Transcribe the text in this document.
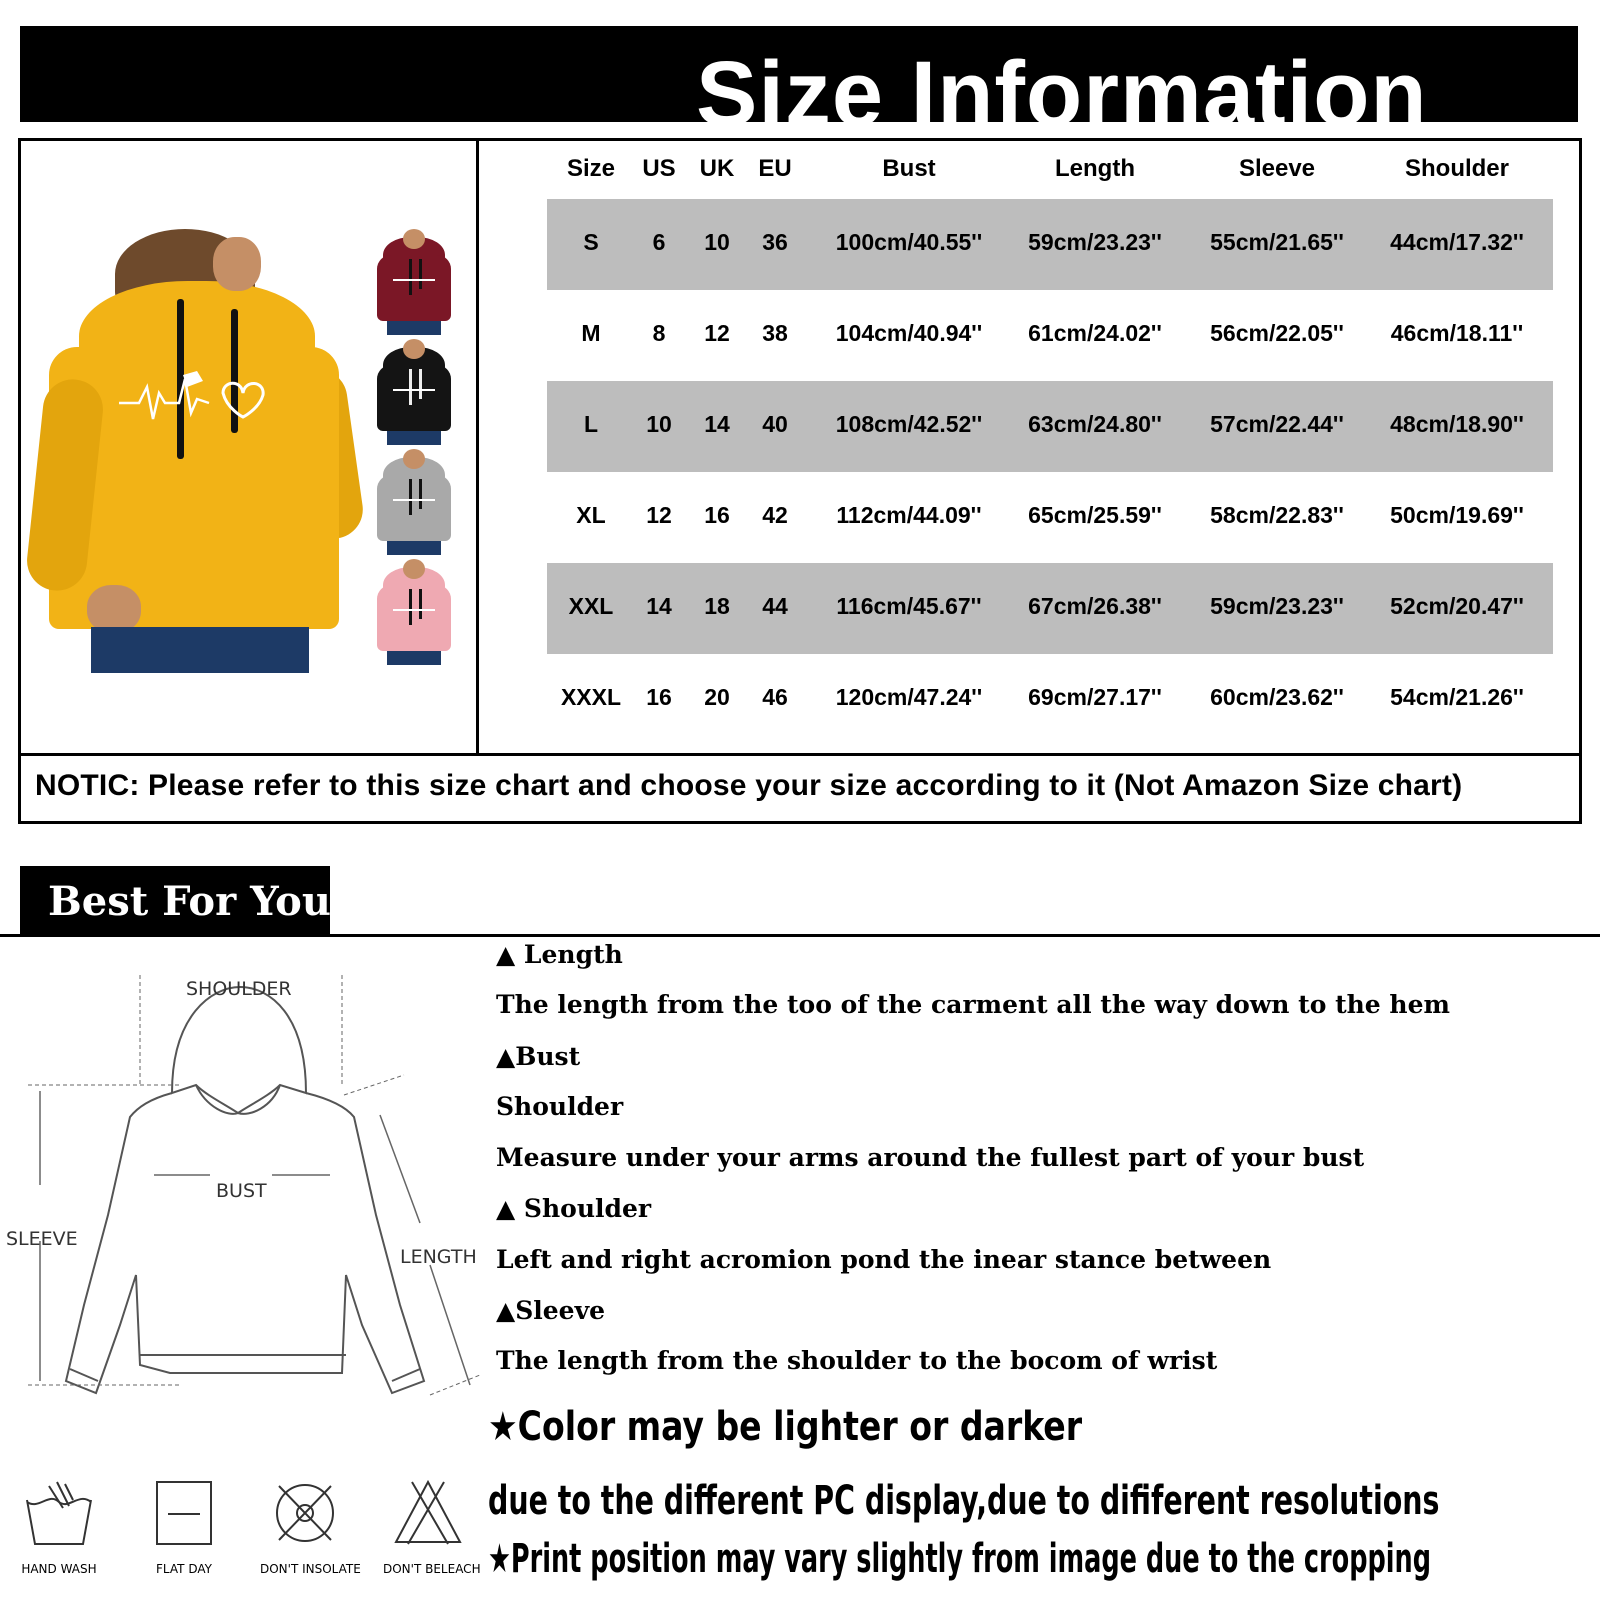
Size Information
Size	US UK	EU	Bust	Length	Sleeve	Shoulder
S	6	10	36	100cm/40.55''	59cm/23.23''	55cm/21.65''	44cm/17.32''
M	8	12	38	104cm/40.94''	61cm/24.02''	56cm/22.05''	46cm/18.11''
L	10	14	40	108cm/42.52''	63cm/24.80''	57cm/22.44''	48cm/18.90''
XL	12	16	42	112cm/44.09''	65cm/25.59''	58cm/22.83''	50cm/19.69''
XXL	14	18	44	116cm/45.67''	67cm/26.38''	59cm/23.23''	52cm/20.47''
XXXL	16	20	46	120cm/47.24''	69cm/27.17''	60cm/23.62''	54cm/21.26''
NOTIC: Please refer to this size chart and choose your size according to it (Not Amazon Size chart)
Best For You
SHOULDER
BUST
SLEEVE
LENGTH
HAND WASH	FLAT DAY	DON'T INSOLATE DON'T BELEACH
▲ Length
The length from the too of the carment all the way down to the hem
▲Bust
Shoulder
Measure under your arms around the fullest part of your bust
▲ Shoulder
Left and right acromion pond the inear stance between
▲Sleeve
The length from the shoulder to the bocom of wrist
★Color may be lighter or darker
due to the different PC display,due to dififerent resolutions
★Print position may vary slightly from image due to the cropping
